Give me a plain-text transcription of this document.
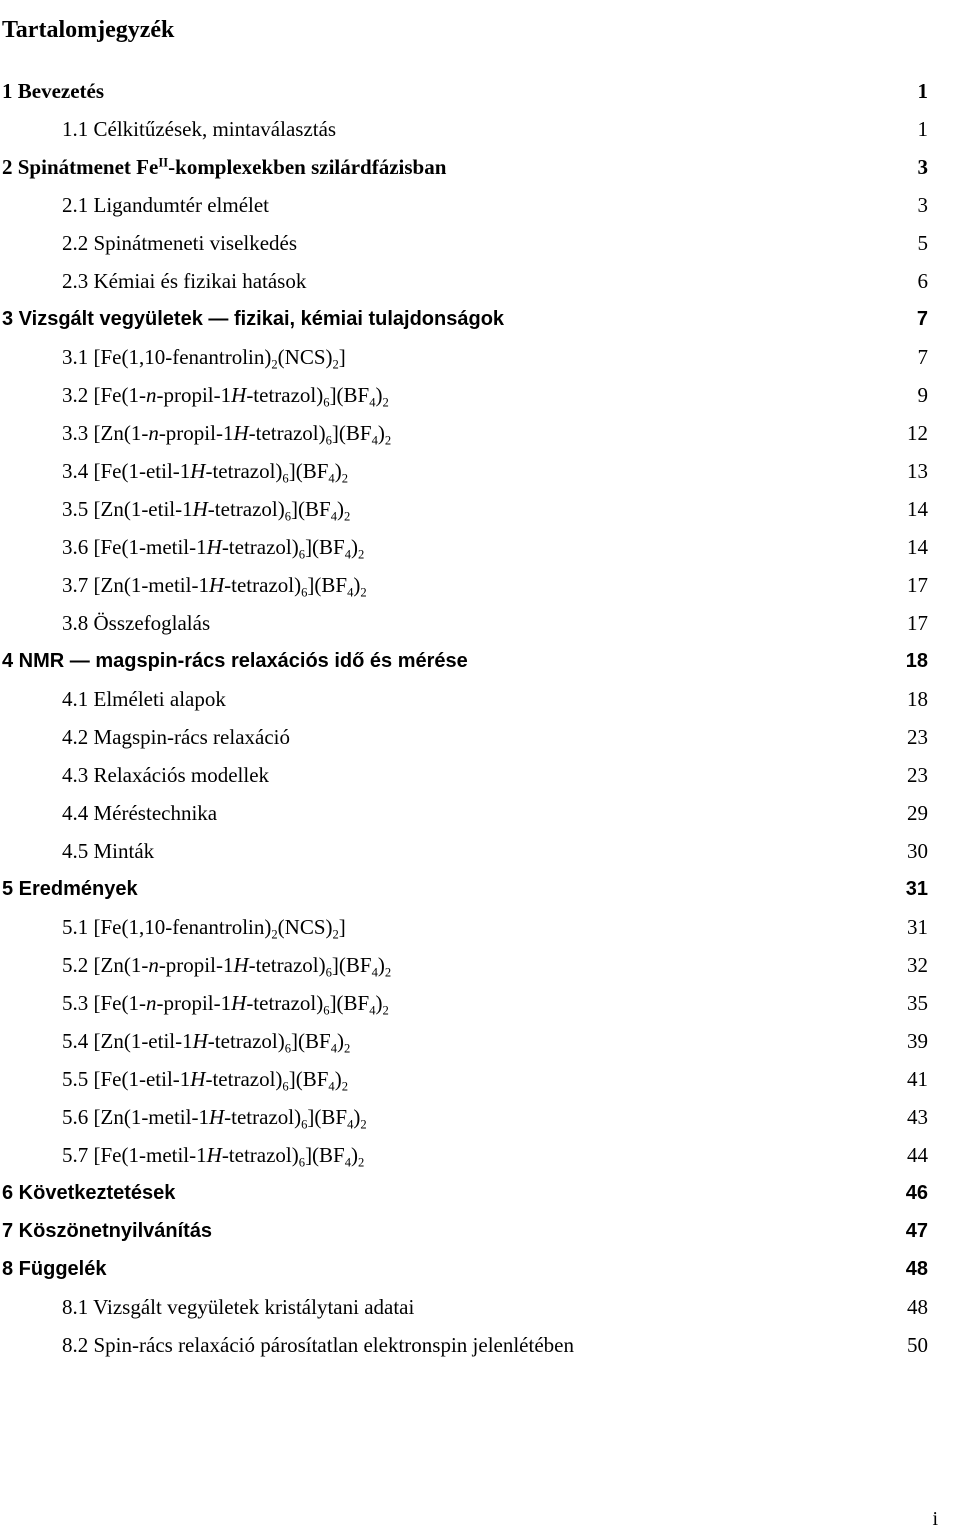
Tartalomjegyzék
1 Bevezetés	1
1.1 Célkitűzések, mintaválasztás	1
2 Spinátmenet $Fe^{II}$-komplexekben szilárdfázisban	3
2.1 Ligandumtér elmélet	3
2.2 Spinátmeneti viselkedés	5
2.3 Kémiai és fizikai hatások	6
3 Vizsgált vegyületek — fizikai, kémiai tulajdonságok	7
3.1 $[Fe(1,10-fenantrolin)_2(NCS)_2]$	7
3.2 $[Fe(1-n-propil-1H-tetrazol)_6](BF_4)_2$	9
3.3 $[Zn(1-n-propil-1H-tetrazol)_6](BF_4)_2$	12
3.4 $[Fe(1-etil-1H-tetrazol)_6](BF_4)_2$	13
3.5 $[Zn(1-etil-1H-tetrazol)_6](BF_4)_2$	14
3.6 $[Fe(1-metil-1H-tetrazol)_6](BF_4)_2$	14
3.7 $[Zn(1-metil-1H-tetrazol)_6](BF_4)_2$	17
3.8 Összefoglalás	17
4 NMR — magspin-rács relaxációs idő és mérése	18
4.1 Elméleti alapok	18
4.2 Magspin-rács relaxáció	23
4.3 Relaxációs modellek	23
4.4 Méréstechnika	29
4.5 Minták	30
5 Eredmények	31
5.1 $[Fe(1,10-fenantrolin)_2(NCS)_2]$	31
5.2 $[Zn(1-n-propil-1H-tetrazol)_6](BF_4)_2$	32
5.3 $[Fe(1-n-propil-1H-tetrazol)_6](BF_4)_2$	35
5.4 $[Zn(1-etil-1H-tetrazol)_6](BF_4)_2$	39
5.5 $[Fe(1-etil-1H-tetrazol)_6](BF_4)_2$	41
5.6 $[Zn(1-metil-1H-tetrazol)_6](BF_4)_2$	43
5.7 $[Fe(1-metil-1H-tetrazol)_6](BF_4)_2$	44
6 Következtetések	46
7 Köszönetnyilvánítás	47
8 Függelék	48
8.1 Vizsgált vegyületek kristálytani adatai	48
8.2 Spin-rács relaxáció párosítatlan elektronspin jelenlétében	50
i
